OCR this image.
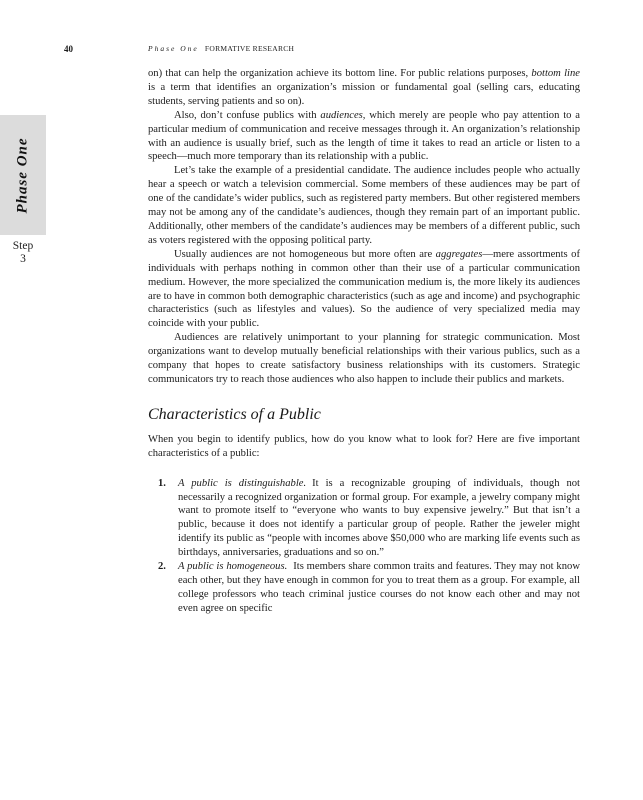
40	Phase One FORMATIVE RESEARCH
Phase One
Step
3

on) that can help the organization achieve its bottom line. For public relations purposes, bottom line is a term that identifies an organization’s mission or fundamental goal (selling cars, educating students, serving patients and so on).

Also, don’t confuse publics with audiences, which merely are people who pay attention to a particular medium of communication and receive messages through it. An organization’s relationship with an audience is usually brief, such as the length of time it takes to read an article or listen to a speech—much more temporary than its relationship with a public.

Let’s take the example of a presidential candidate. The audience includes people who actually hear a speech or watch a television commercial. Some members of these audiences may be part of one of the candidate’s wider publics, such as registered party members. But other registered members may not be among any of the candidate’s audiences, though they remain part of an important public. Additionally, other members of the candidate’s audiences may be members of a different public, such as voters registered with the opposing political party.

Usually audiences are not homogeneous but more often are aggregates—mere assortments of individuals with perhaps nothing in common other than their use of a particular communication medium. However, the more specialized the communication medium is, the more likely its audiences are to have in common both demographic characteristics (such as age and income) and psychographic characteristics (such as lifestyles and values). So the audience of very specialized media may coincide with your public.

Audiences are relatively unimportant to your planning for strategic communication. Most organizations want to develop mutually beneficial relationships with their various publics, such as a company that hopes to create satisfactory business relationships with its customers. Strategic communicators try to reach those audiences who also happen to include their publics and markets.

Characteristics of a Public

When you begin to identify publics, how do you know what to look for? Here are five important characteristics of a public:

1. A public is distinguishable. It is a recognizable grouping of individuals, though not necessarily a recognized organization or formal group. For example, a jewelry company might want to promote itself to “everyone who wants to buy expensive jewelry.” But that isn’t a public, because it does not identify a particular group of people. Rather the jeweler might identify its public as “people with incomes above $50,000 who are marking life events such as birthdays, anniversaries, graduations and so on.”
2. A public is homogeneous. Its members share common traits and features. They may not know each other, but they have enough in common for you to treat them as a group. For example, all college professors who teach criminal justice courses do not know each other and may not even agree on specific
